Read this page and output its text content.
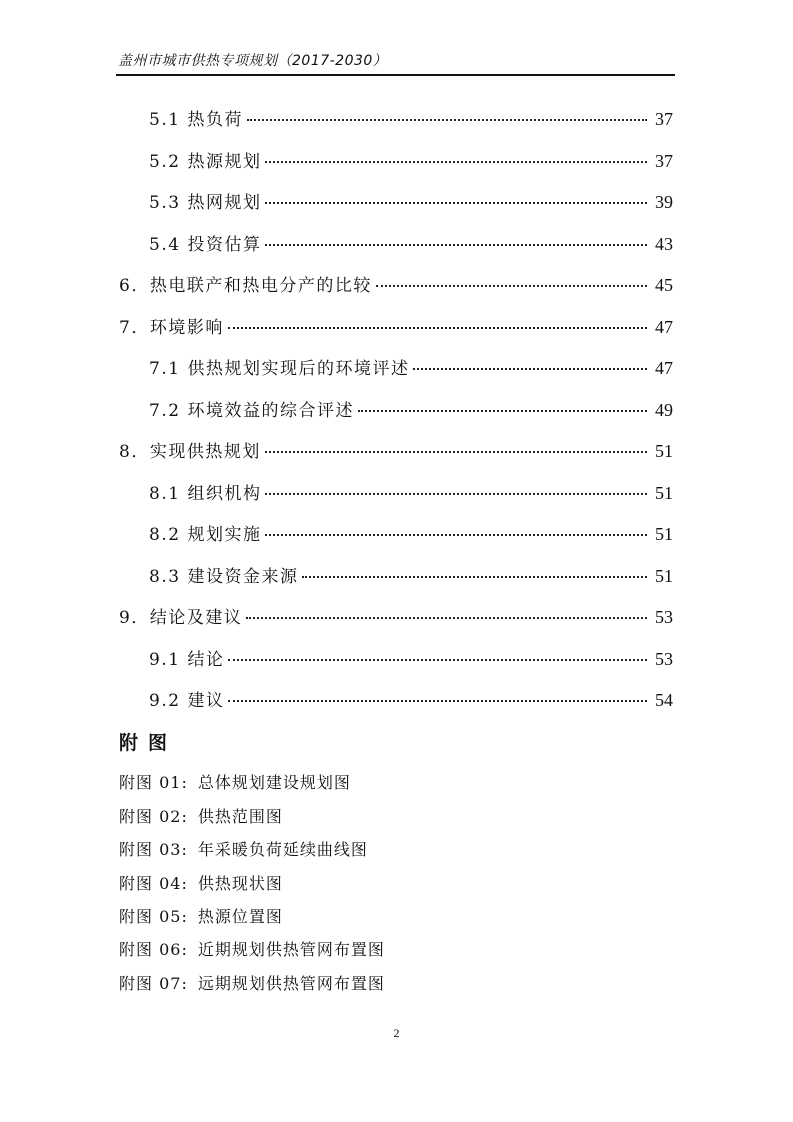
盖州市城市供热专项规划（2017-2030）
5.1 热负荷	37
5.2 热源规划	37
5.3 热网规划	39
5.4 投资估算	43
6．热电联产和热电分产的比较	45
7．环境影响	47
7.1 供热规划实现后的环境评述	47
7.2 环境效益的综合评述	49
8．实现供热规划	51
8.1 组织机构	51
8.2 规划实施	51
8.3 建设资金来源	51
9．结论及建议	53
9.1 结论	53
9.2 建议	54
附图
附图 01: 总体规划建设规划图
附图 02: 供热范围图
附图 03: 年采暖负荷延续曲线图
附图 04: 供热现状图
附图 05: 热源位置图
附图 06: 近期规划供热管网布置图
附图 07: 远期规划供热管网布置图
2
